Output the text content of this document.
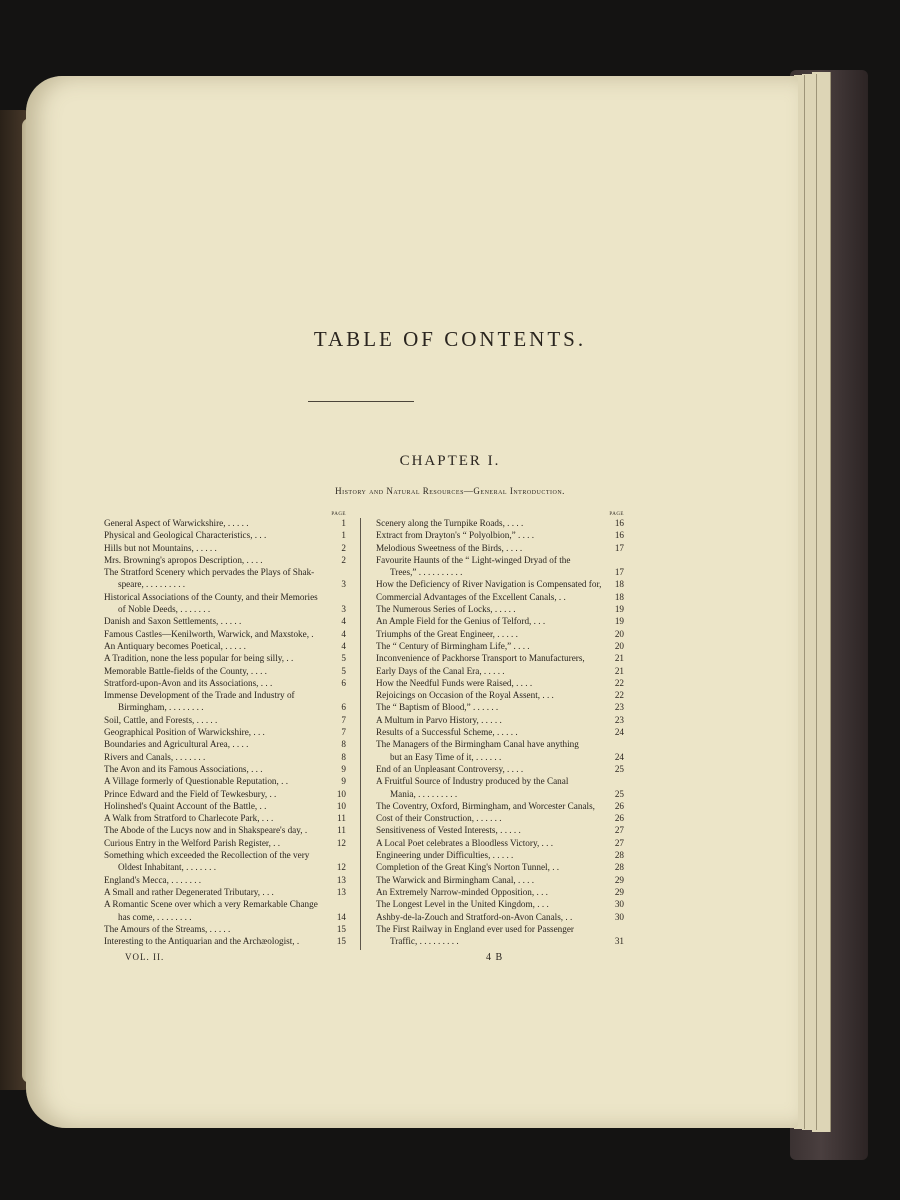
TABLE OF CONTENTS.
CHAPTER I.
History and Natural Resources—General Introduction.
PAGE
General Aspect of Warwickshire, . . . . .	1
Physical and Geological Characteristics, . . .	1
Hills but not Mountains, . . . . .	2
Mrs. Browning's apropos Description, . . . .	2
The Stratford Scenery which pervades the Plays of Shak-
speare, . . . . . . . . .	3
Historical Associations of the County, and their Memories
of Noble Deeds, . . . . . . .	3
Danish and Saxon Settlements, . . . . .	4
Famous Castles—Kenilworth, Warwick, and Maxstoke, .	4
An Antiquary becomes Poetical, . . . . .	4
A Tradition, none the less popular for being silly, . .	5
Memorable Battle-fields of the County, . . . .	5
Stratford-upon-Avon and its Associations, . . .	6
Immense Development of the Trade and Industry of
Birmingham, . . . . . . . .	6
Soil, Cattle, and Forests, . . . . .	7
Geographical Position of Warwickshire, . . .	7
Boundaries and Agricultural Area, . . . .	8
Rivers and Canals, . . . . . . .	8
The Avon and its Famous Associations, . . .	9
A Village formerly of Questionable Reputation, . .	9
Prince Edward and the Field of Tewkesbury, . .	10
Holinshed's Quaint Account of the Battle, . .	10
A Walk from Stratford to Charlecote Park, . . .	11
The Abode of the Lucys now and in Shakspeare's day, .	11
Curious Entry in the Welford Parish Register, . .	12
Something which exceeded the Recollection of the very
Oldest Inhabitant, . . . . . . .	12
England's Mecca, . . . . . . .	13
A Small and rather Degenerated Tributary, . . .	13
A Romantic Scene over which a very Remarkable Change
has come, . . . . . . . .	14
The Amours of the Streams, . . . . .	15
Interesting to the Antiquarian and the Archæologist, .	15
PAGE
Scenery along the Turnpike Roads, . . . .	16
Extract from Drayton's “ Polyolbion,” . . . .	16
Melodious Sweetness of the Birds, . . . .	17
Favourite Haunts of the “ Light-winged Dryad of the
Trees,” . . . . . . . . . .	17
How the Deficiency of River Navigation is Compensated for,	18
Commercial Advantages of the Excellent Canals, . .	18
The Numerous Series of Locks, . . . . .	19
An Ample Field for the Genius of Telford, . . .	19
Triumphs of the Great Engineer, . . . . .	20
The “ Century of Birmingham Life,” . . . .	20
Inconvenience of Packhorse Transport to Manufacturers,	21
Early Days of the Canal Era, . . . . .	21
How the Needful Funds were Raised, . . . .	22
Rejoicings on Occasion of the Royal Assent, . . .	22
The “ Baptism of Blood,” . . . . . .	23
A Multum in Parvo History, . . . . .	23
Results of a Successful Scheme, . . . . .	24
The Managers of the Birmingham Canal have anything
but an Easy Time of it, . . . . . .	24
End of an Unpleasant Controversy, . . . .	25
A Fruitful Source of Industry produced by the Canal
Mania, . . . . . . . . .	25
The Coventry, Oxford, Birmingham, and Worcester Canals,	26
Cost of their Construction, . . . . . .	26
Sensitiveness of Vested Interests, . . . . .	27
A Local Poet celebrates a Bloodless Victory, . . .	27
Engineering under Difficulties, . . . . .	28
Completion of the Great King's Norton Tunnel, . .	28
The Warwick and Birmingham Canal, . . . .	29
An Extremely Narrow-minded Opposition, . . .	29
The Longest Level in the United Kingdom, . . .	30
Ashby-de-la-Zouch and Stratford-on-Avon Canals, . .	30
The First Railway in England ever used for Passenger
Traffic, . . . . . . . . .	31
VOL. II.	4 B
